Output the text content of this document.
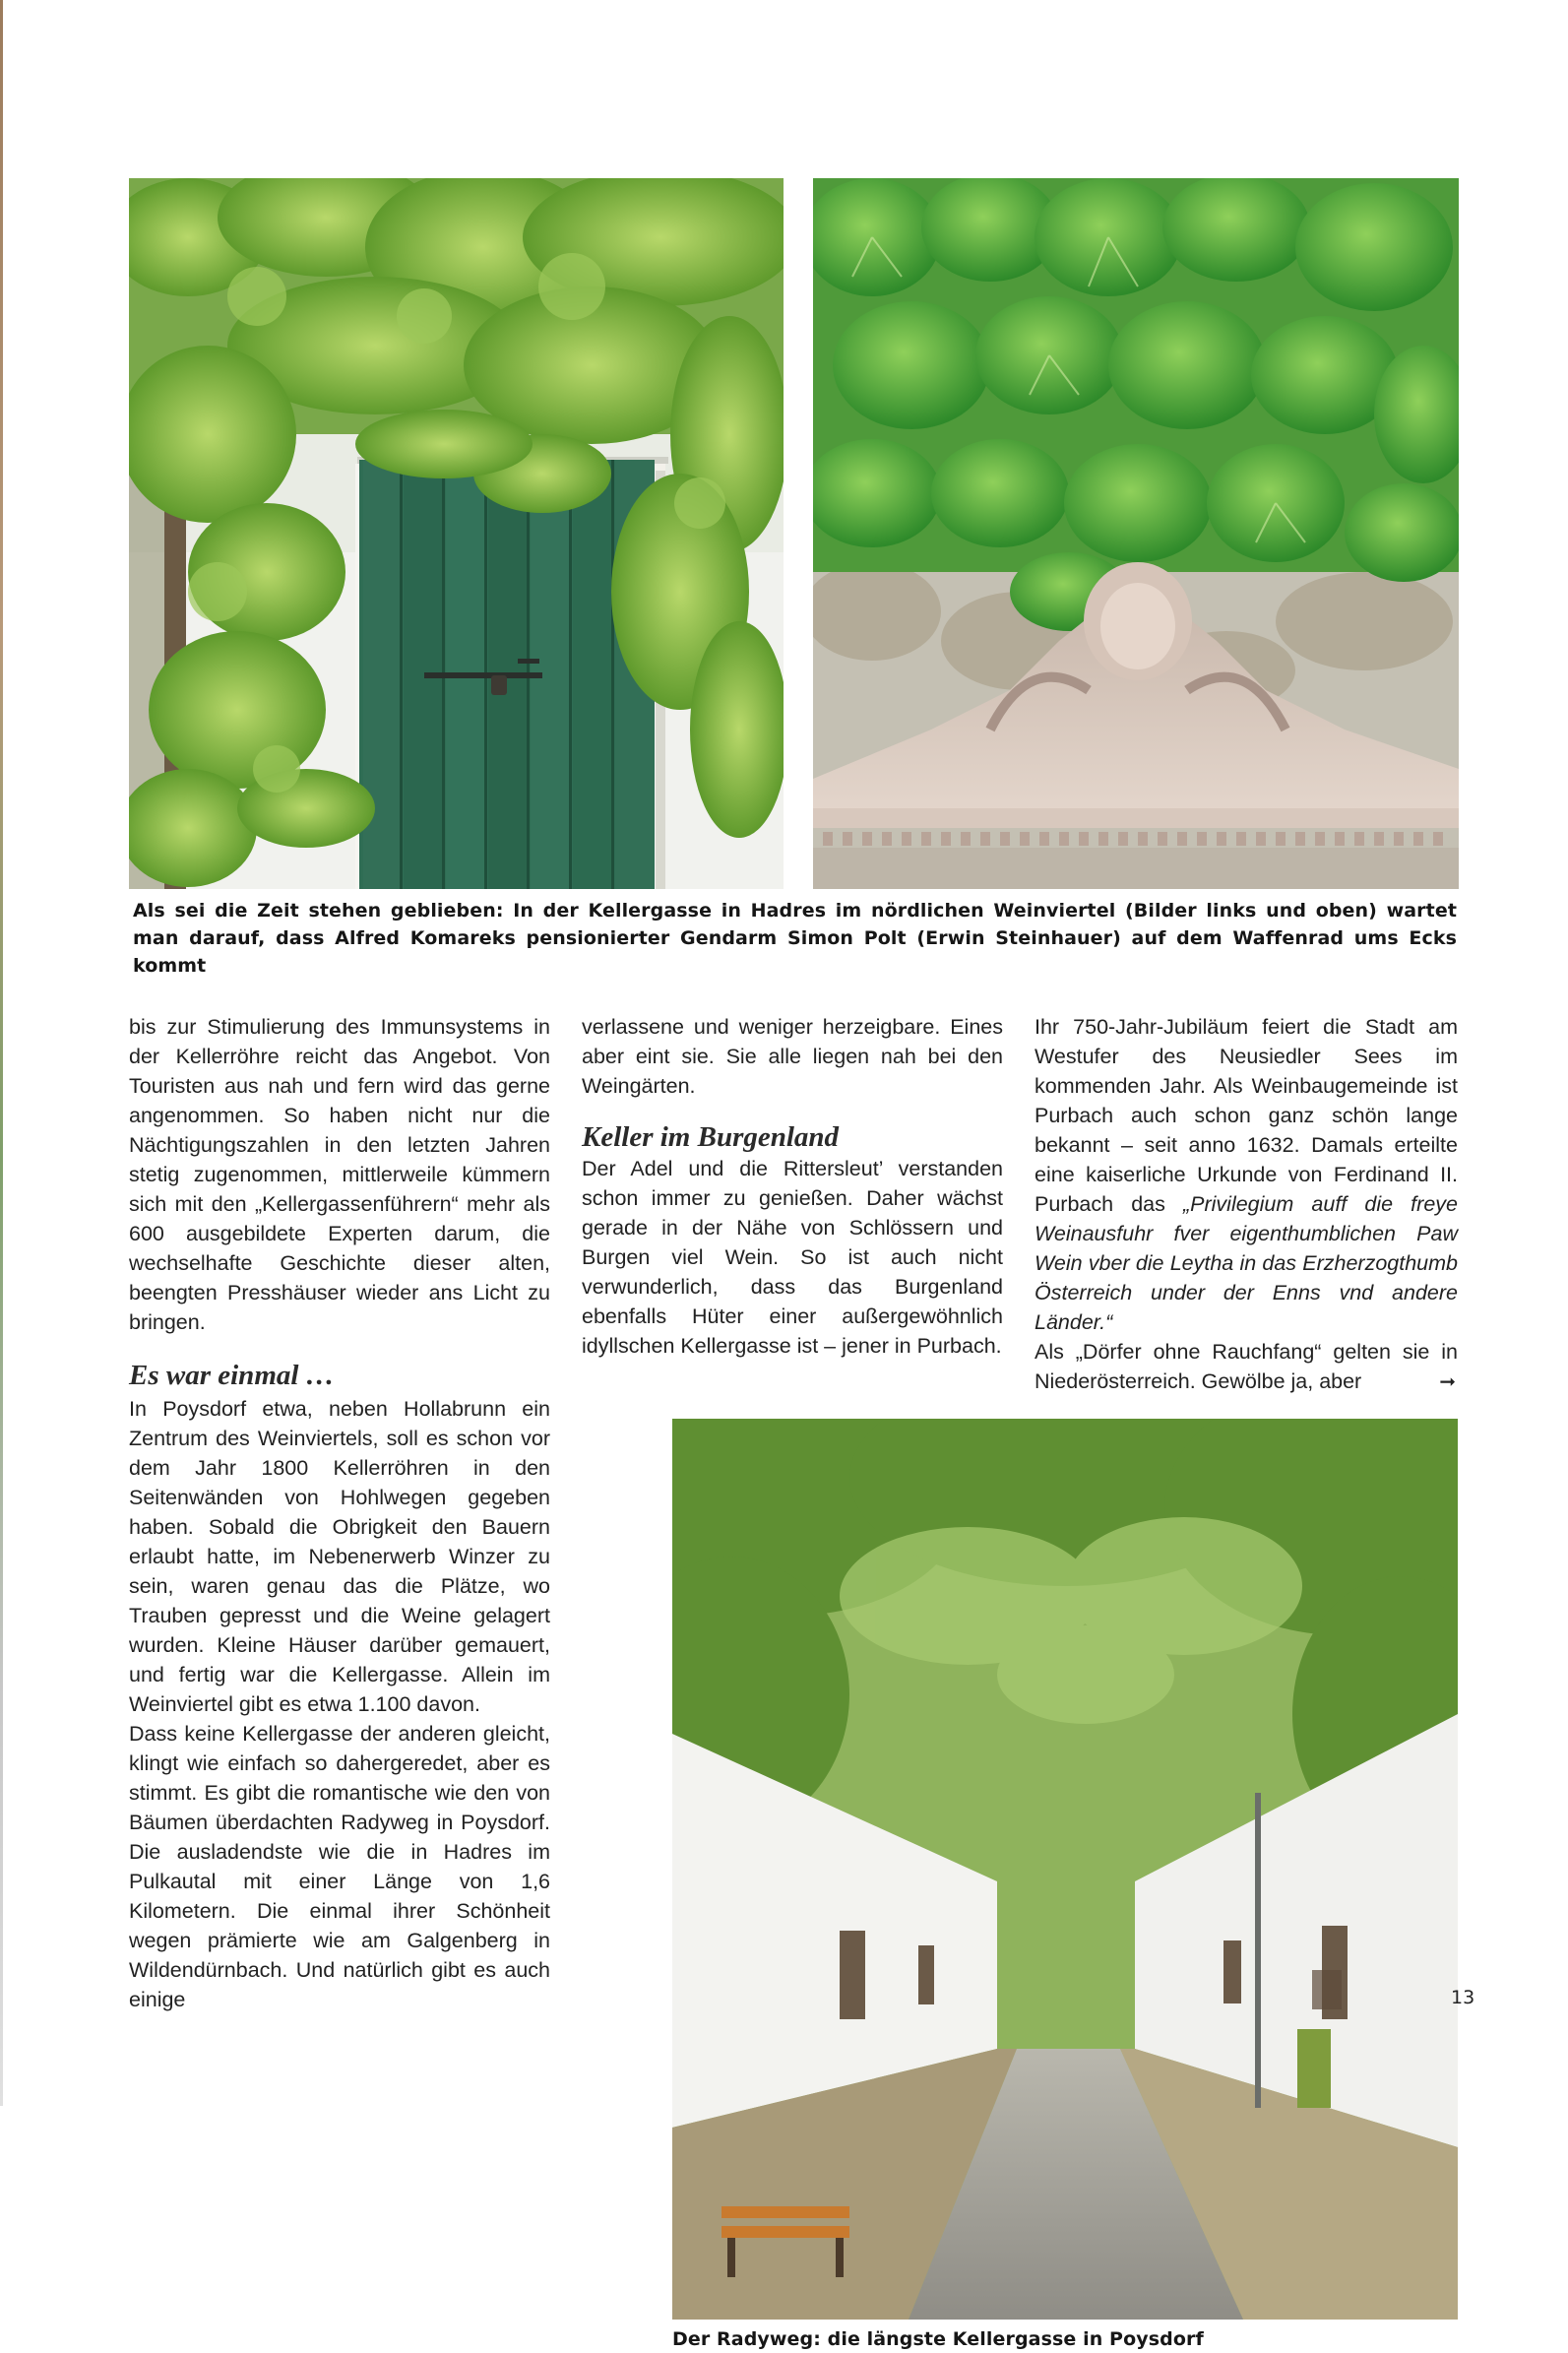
Als sei die Zeit stehen geblieben: In der Kellergasse in Hadres im nördlichen Weinviertel (Bilder links und oben) wartet man darauf, dass Alfred Komareks pensionierter Gendarm Simon Polt (Erwin Steinhauer) auf dem Waffenrad ums Ecks kommt

bis zur Stimulierung des Immunsystems in der Kellerröhre reicht das Angebot. Von Touristen aus nah und fern wird das gerne angenommen. So haben nicht nur die Nächtigungszahlen in den letzten Jahren stetig zugenommen, mittlerweile kümmern sich mit den „Kellergassenführern“ mehr als 600 ausgebildete Experten darum, die wechselhafte Geschichte dieser alten, beengten Presshäuser wieder ans Licht zu bringen.

Es war einmal …

In Poysdorf etwa, neben Hollabrunn ein Zentrum des Weinviertels, soll es schon vor dem Jahr 1800 Kellerröhren in den Seitenwänden von Hohlwegen gegeben haben. Sobald die Obrigkeit den Bauern erlaubt hatte, im Nebenerwerb Winzer zu sein, waren genau das die Plätze, wo Trauben gepresst und die Weine gelagert wurden. Kleine Häuser darüber gemauert, und fertig war die Kellergasse. Allein im Weinviertel gibt es etwa 1.100 davon.

Dass keine Kellergasse der anderen gleicht, klingt wie einfach so dahergeredet, aber es stimmt. Es gibt die romantische wie den von Bäumen überdachten Radyweg in Poysdorf. Die ausladendste wie die in Hadres im Pulkautal mit einer Länge von 1,6 Kilometern. Die einmal ihrer Schönheit wegen prämierte wie am Galgenberg in Wildendürnbach. Und natürlich gibt es auch einige

verlassene und weniger herzeigbare. Eines aber eint sie. Sie alle liegen nah bei den Weingärten.

Keller im Burgenland

Der Adel und die Rittersleut’ verstanden schon immer zu genießen. Daher wächst gerade in der Nähe von Schlössern und Burgen viel Wein. So ist auch nicht verwunderlich, dass das Burgenland ebenfalls Hüter einer außergewöhnlich idyllschen Kellergasse ist – jener in Purbach.

Ihr 750-Jahr-Jubiläum feiert die Stadt am Westufer des Neusiedler Sees im kommenden Jahr. Als Weinbaugemeinde ist Purbach auch schon ganz schön lange bekannt – seit anno 1632. Damals erteilte eine kaiserliche Urkunde von Ferdinand II. Purbach das „Privilegium auff die freye Weinausfuhr fver eigenthumblichen Paw Wein vber die Leytha in das Erzherzogthumb Österreich under der Enns vnd andere Länder.“

Als „Dörfer ohne Rauchfang“ gelten sie in Niederösterreich. Gewölbe ja, aber	➞

Der Radyweg: die längste Kellergasse in Poysdorf
13
